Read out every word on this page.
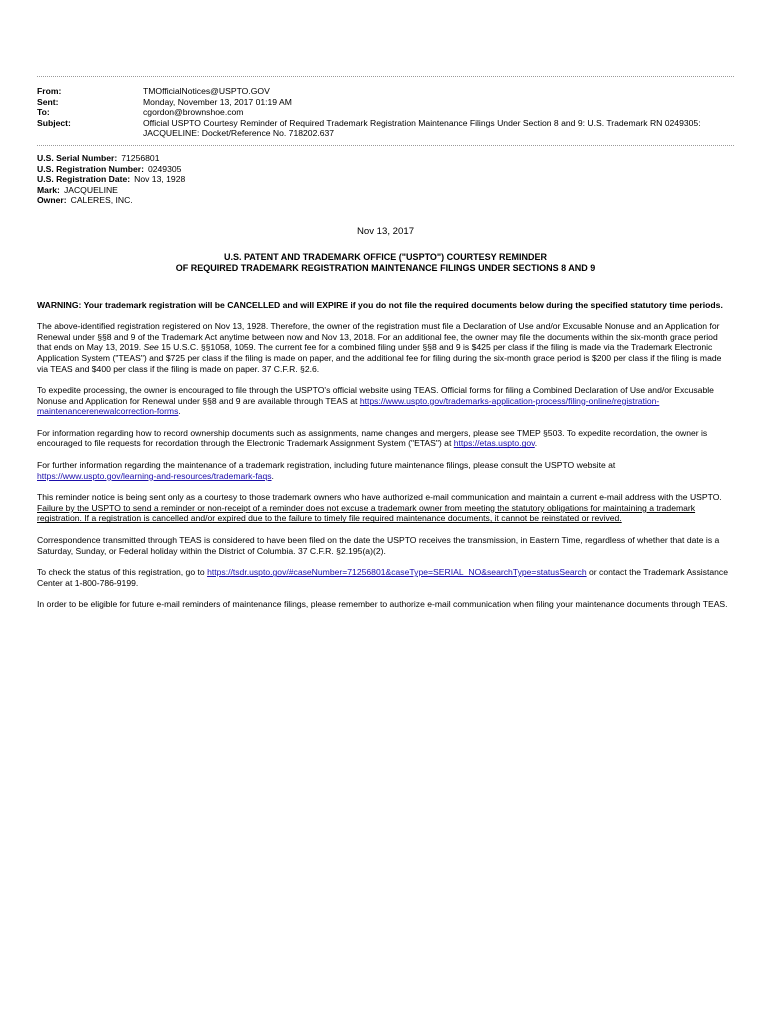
From:	TMOfficialNotices@USPTO.GOV
Sent:	Monday, November 13, 2017 01:19 AM
To:	cgordon@brownshoe.com
Subject:	Official USPTO Courtesy Reminder of Required Trademark Registration Maintenance Filings Under Section 8 and 9: U.S. Trademark RN 0249305:
JACQUELINE: Docket/Reference No. 718202.637
U.S. Serial Number: 71256801
U.S. Registration Number: 0249305
U.S. Registration Date: Nov 13, 1928
Mark: JACQUELINE
Owner: CALERES, INC.
Nov 13, 2017
U.S. PATENT AND TRADEMARK OFFICE ("USPTO") COURTESY REMINDER
OF REQUIRED TRADEMARK REGISTRATION MAINTENANCE FILINGS UNDER SECTIONS 8 AND 9

WARNING: Your trademark registration will be CANCELLED and will EXPIRE if you do not file the required documents below during the specified statutory time periods.

The above-identified registration registered on Nov 13, 1928. Therefore, the owner of the registration must file a Declaration of Use and/or Excusable Nonuse and an Application for Renewal under §§8 and 9 of the Trademark Act anytime between now and Nov 13, 2018. For an additional fee, the owner may file the documents within the six-month grace period that ends on May 13, 2019. See 15 U.S.C. §§1058, 1059. The current fee for a combined filing under §§8 and 9 is $425 per class if the filing is made via the Trademark Electronic Application System ("TEAS") and $725 per class if the filing is made on paper, and the additional fee for filing during the six-month grace period is $200 per class if the filing is made via TEAS and $400 per class if the filing is made on paper. 37 C.F.R. §2.6.

To expedite processing, the owner is encouraged to file through the USPTO's official website using TEAS. Official forms for filing a Combined Declaration of Use and/or Excusable Nonuse and Application for Renewal under §§8 and 9 are available through TEAS at https://www.uspto.gov/trademarks-application-process/filing-online/registration-maintenancerenewalcorrection-forms.

For information regarding how to record ownership documents such as assignments, name changes and mergers, please see TMEP §503. To expedite recordation, the owner is encouraged to file requests for recordation through the Electronic Trademark Assignment System ("ETAS") at https://etas.uspto.gov.

For further information regarding the maintenance of a trademark registration, including future maintenance filings, please consult the USPTO website at https://www.uspto.gov/learning-and-resources/trademark-faqs.

This reminder notice is being sent only as a courtesy to those trademark owners who have authorized e-mail communication and maintain a current e-mail address with the USPTO. Failure by the USPTO to send a reminder or non-receipt of a reminder does not excuse a trademark owner from meeting the statutory obligations for maintaining a trademark registration. If a registration is cancelled and/or expired due to the failure to timely file required maintenance documents, it cannot be reinstated or revived.

Correspondence transmitted through TEAS is considered to have been filed on the date the USPTO receives the transmission, in Eastern Time, regardless of whether that date is a Saturday, Sunday, or Federal holiday within the District of Columbia. 37 C.F.R. §2.195(a)(2).

To check the status of this registration, go to https://tsdr.uspto.gov/#caseNumber=71256801&caseType=SERIAL_NO&searchType=statusSearch or contact the Trademark Assistance Center at 1-800-786-9199.

In order to be eligible for future e-mail reminders of maintenance filings, please remember to authorize e-mail communication when filing your maintenance documents through TEAS.
